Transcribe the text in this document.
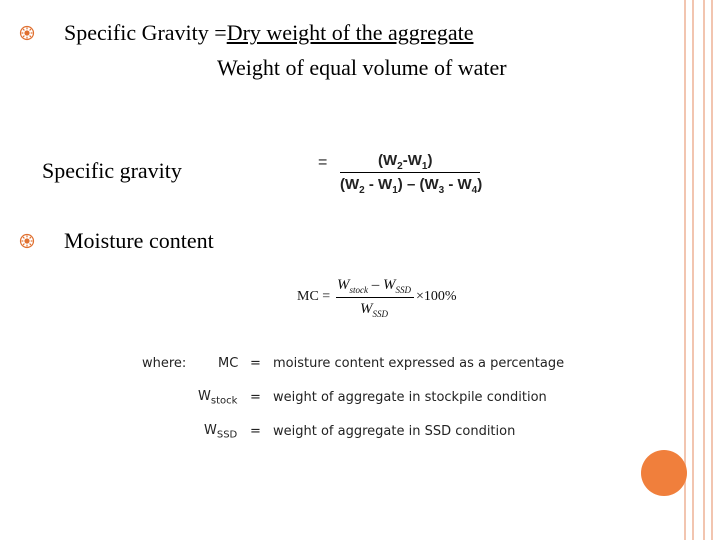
Specific Gravity =Dry weight of the aggregate
Weight of equal volume of water
Specific gravity	=	$(W_2-W_1)$
$(W_2 - W_1) - (W_3 - W_4)$
Moisture content
MC =
$W_{stock} - W_{SSD} \times 100\%$
$W_{SSD}$
where: MC = moisture content expressed as a percentage
$W_{stock}$ = weight of aggregate in stockpile condition
$W_{SSD}$ = weight of aggregate in SSD condition
